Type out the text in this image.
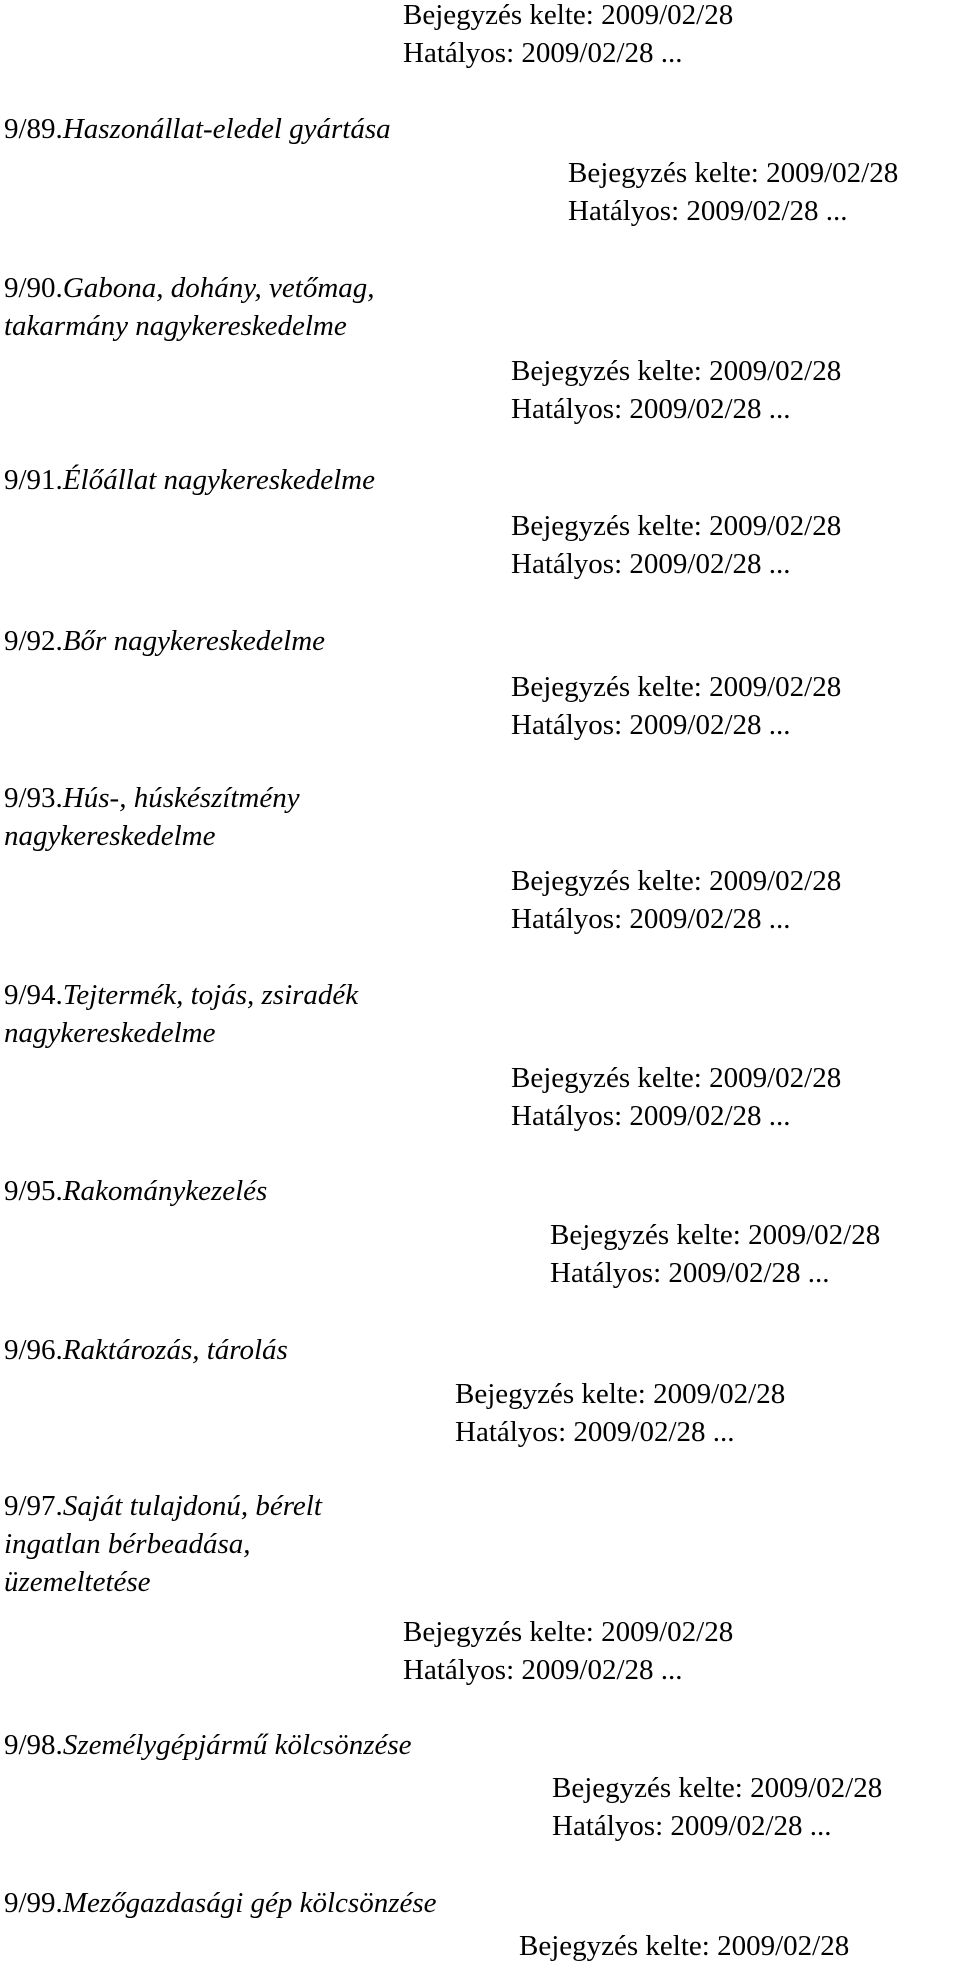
Bejegyzés kelte: 2009/02/28
Hatályos: 2009/02/28 ...
Bejegyzés kelte: 2009/02/28
Hatályos: 2009/02/28 ...
Bejegyzés kelte: 2009/02/28
Hatályos: 2009/02/28 ...
Bejegyzés kelte: 2009/02/28
Hatályos: 2009/02/28 ...
Bejegyzés kelte: 2009/02/28
Hatályos: 2009/02/28 ...
Bejegyzés kelte: 2009/02/28
Hatályos: 2009/02/28 ...
Bejegyzés kelte: 2009/02/28
Hatályos: 2009/02/28 ...
Bejegyzés kelte: 2009/02/28
Hatályos: 2009/02/28 ...
Bejegyzés kelte: 2009/02/28
Hatályos: 2009/02/28 ...
Bejegyzés kelte: 2009/02/28
Hatályos: 2009/02/28 ...
Bejegyzés kelte: 2009/02/28
Hatályos: 2009/02/28 ...
Bejegyzés kelte: 2009/02/28
9/89.Haszonállat-eledel gyártása
9/90.Gabona, dohány, vetőmag,
takarmány nagykereskedelme
9/91.Élőállat nagykereskedelme
9/92.Bőr nagykereskedelme
9/93.Hús-, húskészítmény
nagykereskedelme
9/94.Tejtermék, tojás, zsiradék
nagykereskedelme
9/95.Rakománykezelés
9/96.Raktározás, tárolás
9/97.Saját tulajdonú, bérelt
ingatlan bérbeadása,
üzemeltetése
9/98.Személygépjármű kölcsönzése
9/99.Mezőgazdasági gép kölcsönzése
